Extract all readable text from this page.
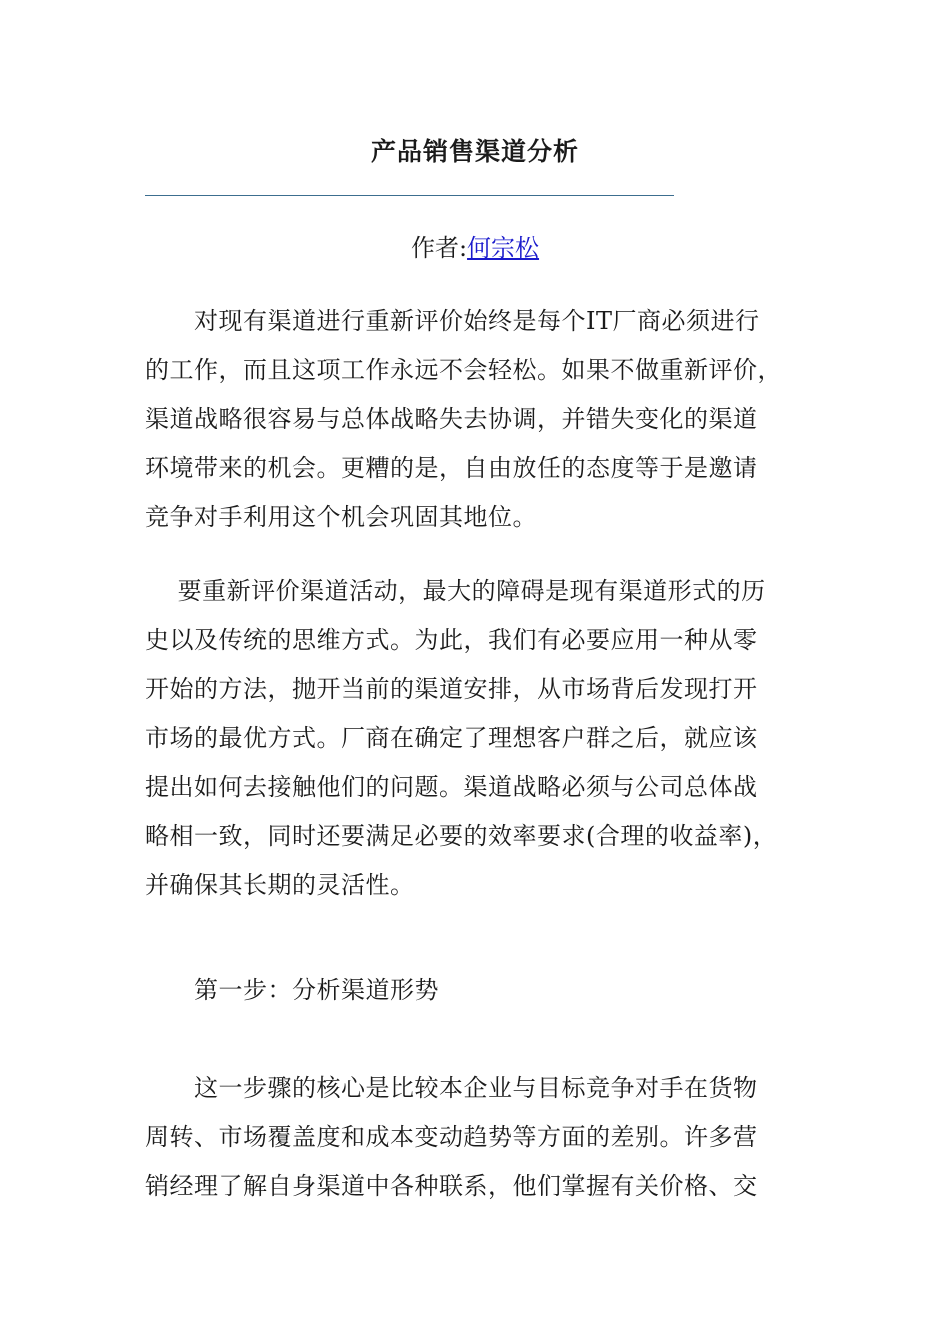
产品销售渠道分析
作者:何宗松

　　对现有渠道进行重新评价始终是每个IT厂商必须进行
的工作，而且这项工作永远不会轻松。如果不做重新评价，
渠道战略很容易与总体战略失去协调，并错失变化的渠道
环境带来的机会。更糟的是，自由放任的态度等于是邀请
竞争对手利用这个机会巩固其地位。

　 要重新评价渠道活动，最大的障碍是现有渠道形式的历
史以及传统的思维方式。为此，我们有必要应用一种从零
开始的方法，抛开当前的渠道安排，从市场背后发现打开
市场的最优方式。厂商在确定了理想客户群之后，就应该
提出如何去接触他们的问题。渠道战略必须与公司总体战
略相一致，同时还要满足必要的效率要求(合理的收益率)，
并确保其长期的灵活性。

　　第一步：分析渠道形势

　　这一步骤的核心是比较本企业与目标竞争对手在货物
周转、市场覆盖度和成本变动趋势等方面的差别。许多营
销经理了解自身渠道中各种联系，他们掌握有关价格、交
